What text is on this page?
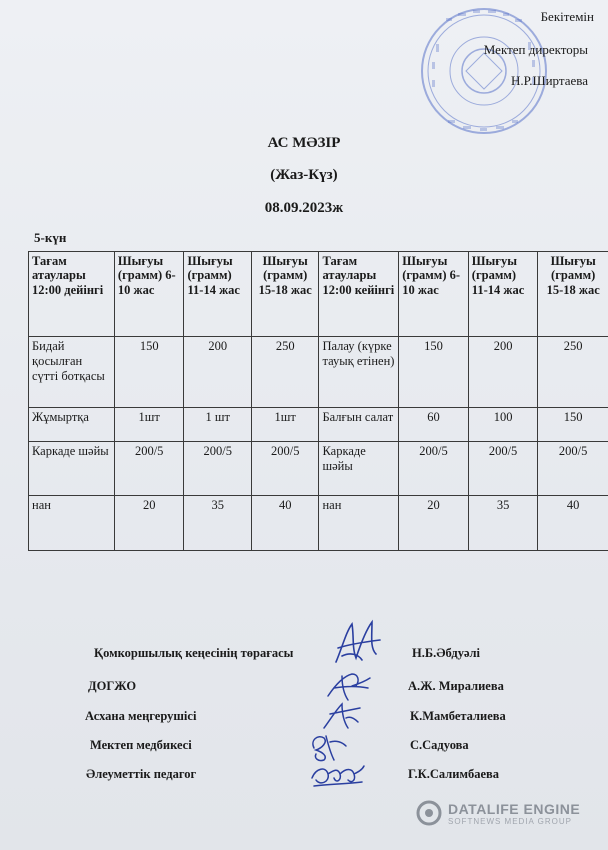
Бекітемін
Мектеп директоры
Н.Р.Ширтаева
АС МӘЗІР
(Жаз-Күз)
08.09.2023ж
5-күн
Тағам атаулары 12:00 дейінгі	Шығуы (грамм) 6-10 жас	Шығуы (грамм) 11-14 жас	Шығуы (грамм) 15-18 жас	Тағам атаулары 12:00 кейінгі	Шығуы (грамм) 6-10 жас	Шығуы (грамм) 11-14 жас	Шығуы (грамм) 15-18 жас
Бидай қосылған сүтті ботқасы	150	200	250	Палау (күрке тауық етінен)	150	200	250
Жұмыртқа	1шт	1 шт	1шт	Балғын салат	60	100	150
Каркаде шәйы	200/5	200/5	200/5	Каркаде шәйы	200/5	200/5	200/5
нан	20	35	40	нан	20	35	40
Қомкоршылық кеңесінің төрағасы
ДОГЖО
Асхана меңгерушісі
Мектеп медбикесі
Әлеуметтік педагог
Н.Б.Әбдуәлі
А.Ж. Миралиева
К.Мамбеталиева
С.Садуова
Г.К.Салимбаева
DATALIFE ENGINE
SOFTNEWS MEDIA GROUP
